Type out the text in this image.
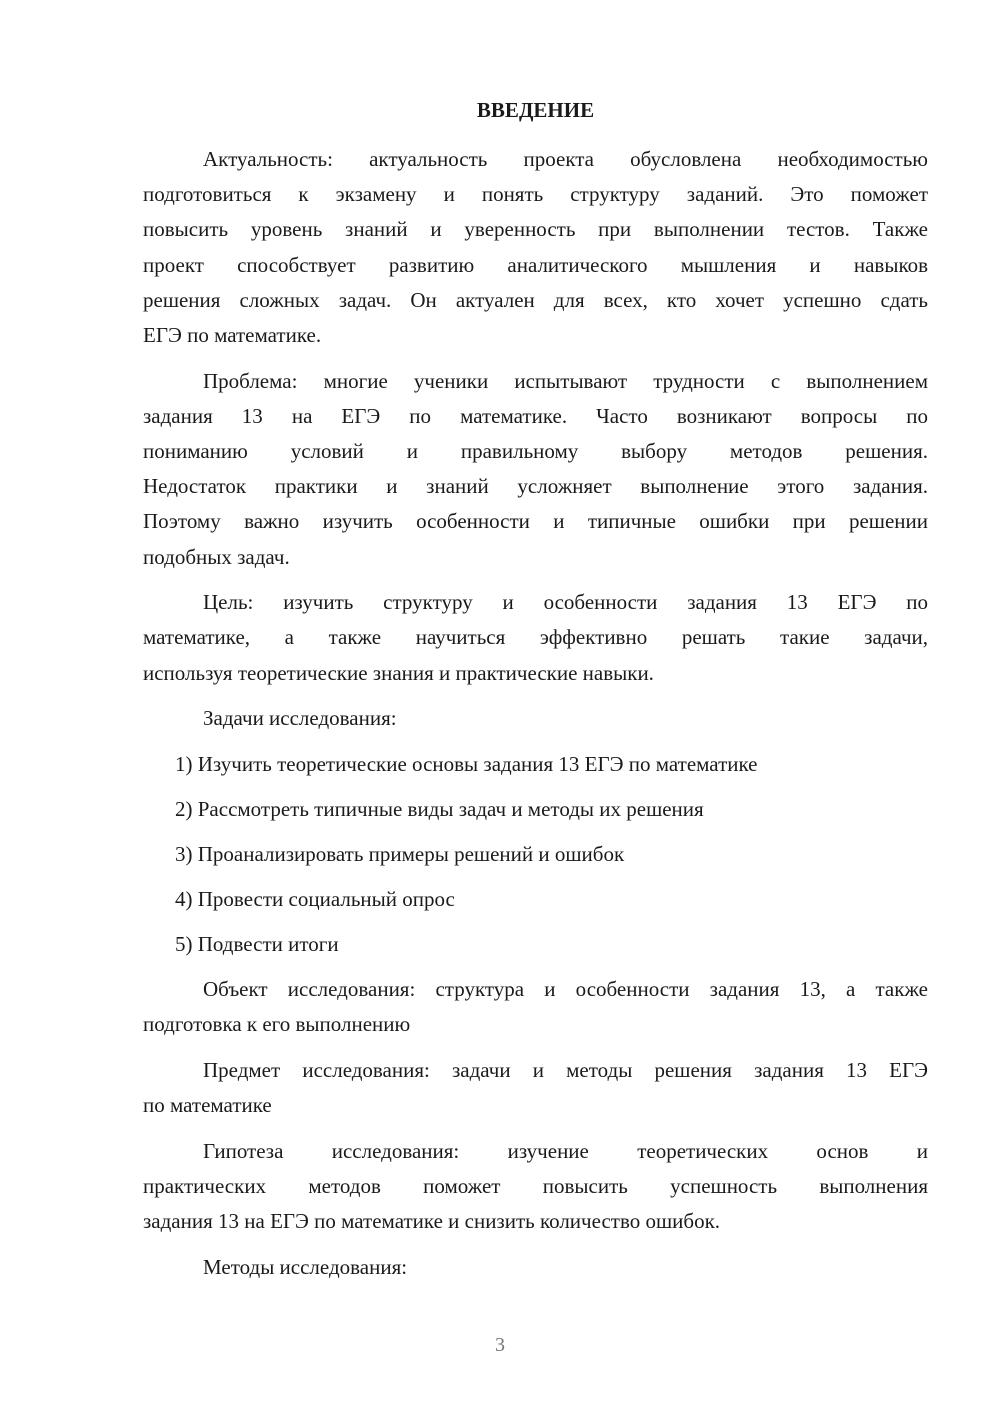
ВВЕДЕНИЕ
Актуальность: актуальность проекта обусловлена необходимостью
подготовиться к экзамену и понять структуру заданий. Это поможет
повысить уровень знаний и уверенность при выполнении тестов. Также
проект способствует развитию аналитического мышления и навыков
решения сложных задач. Он актуален для всех, кто хочет успешно сдать
ЕГЭ по математике.
Проблема: многие ученики испытывают трудности с выполнением
задания 13 на ЕГЭ по математике. Часто возникают вопросы по
пониманию условий и правильному выбору методов решения.
Недостаток практики и знаний усложняет выполнение этого задания.
Поэтому важно изучить особенности и типичные ошибки при решении
подобных задач.
Цель: изучить структуру и особенности задания 13 ЕГЭ по
математике, а также научиться эффективно решать такие задачи,
используя теоретические знания и практические навыки.
Задачи исследования:
1) Изучить теоретические основы задания 13 ЕГЭ по математике
2) Рассмотреть типичные виды задач и методы их решения
3) Проанализировать примеры решений и ошибок
4) Провести социальный опрос
5) Подвести итоги
Объект исследования: структура и особенности задания 13, а также
подготовка к его выполнению
Предмет исследования: задачи и методы решения задания 13 ЕГЭ
по математике
Гипотеза исследования: изучение теоретических основ и
практических методов поможет повысить успешность выполнения
задания 13 на ЕГЭ по математике и снизить количество ошибок.
Методы исследования:
3
